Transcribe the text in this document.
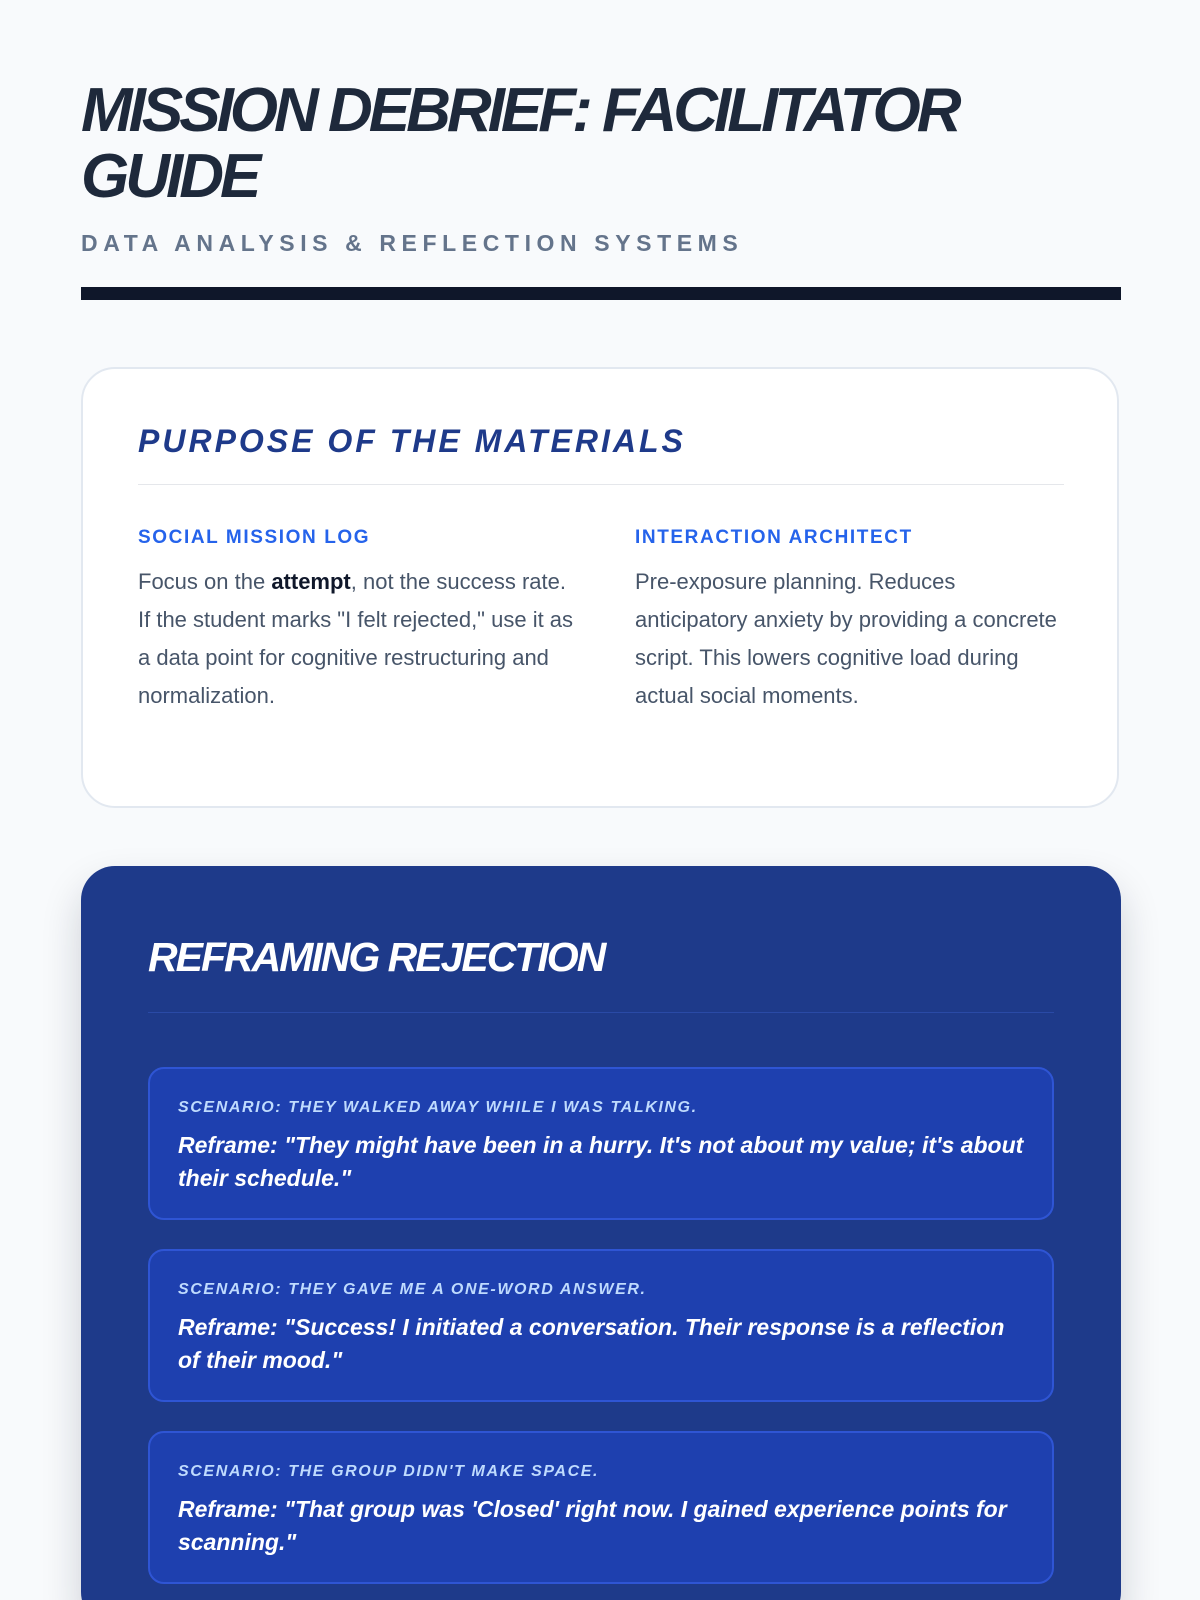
MISSION DEBRIEF: FACILITATOR GUIDE
DATA ANALYSIS & REFLECTION SYSTEMS
PURPOSE OF THE MATERIALS
SOCIAL MISSION LOG

Focus on the attempt, not the success rate. If the student marks "I felt rejected," use it as a data point for cognitive restructuring and normalization.

INTERACTION ARCHITECT

Pre-exposure planning. Reduces anticipatory anxiety by providing a concrete script. This lowers cognitive load during actual social moments.

REFRAMING REJECTION

SCENARIO: THEY WALKED AWAY WHILE I WAS TALKING.

Reframe: "They might have been in a hurry. It's not about my value; it's about their schedule."

SCENARIO: THEY GAVE ME A ONE-WORD ANSWER.

Reframe: "Success! I initiated a conversation. Their response is a reflection of their mood."

SCENARIO: THE GROUP DIDN'T MAKE SPACE.

Reframe: "That group was 'Closed' right now. I gained experience points for scanning."
